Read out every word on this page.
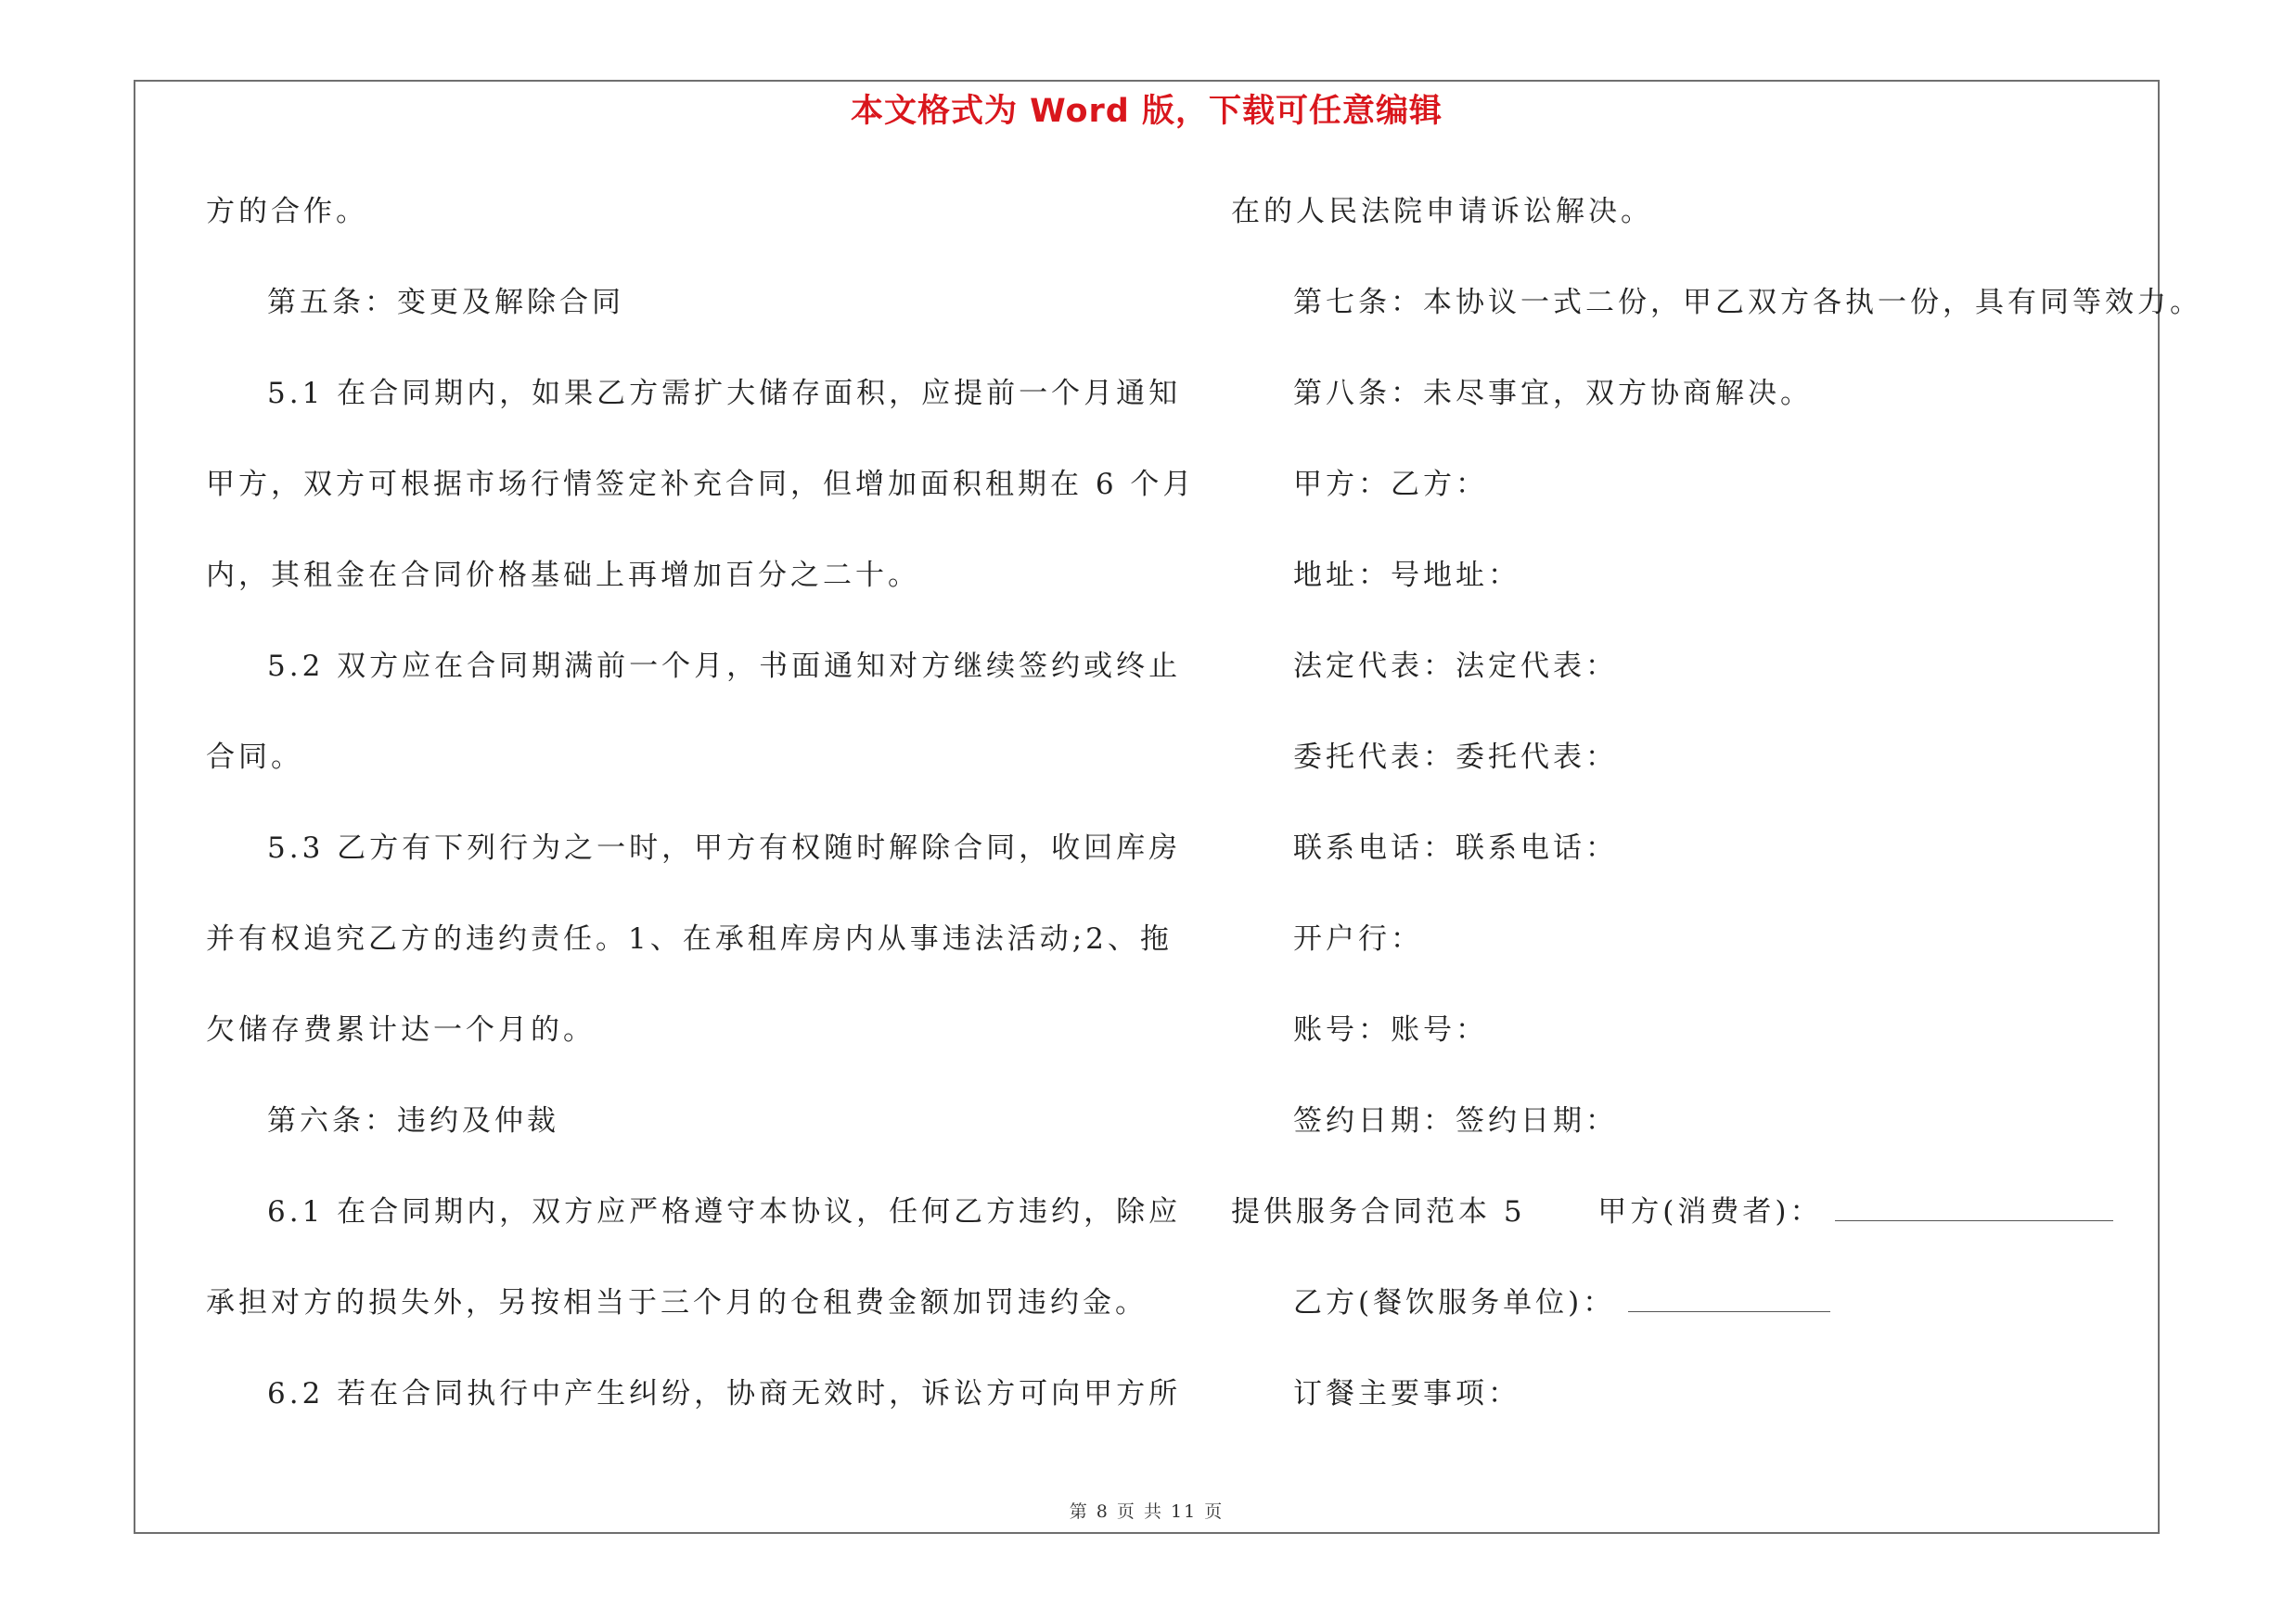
本文格式为 Word 版，下载可任意编辑
方的合作。
第五条：变更及解除合同
5.1 在合同期内，如果乙方需扩大储存面积，应提前一个月通知
甲方，双方可根据市场行情签定补充合同，但增加面积租期在 6 个月
内，其租金在合同价格基础上再增加百分之二十。
5.2 双方应在合同期满前一个月，书面通知对方继续签约或终止
合同。
5.3 乙方有下列行为之一时，甲方有权随时解除合同，收回库房
并有权追究乙方的违约责任。1、在承租库房内从事违法活动;2、拖
欠储存费累计达一个月的。
第六条：违约及仲裁
6.1 在合同期内，双方应严格遵守本协议，任何乙方违约，除应
承担对方的损失外，另按相当于三个月的仓租费金额加罚违约金。
6.2 若在合同执行中产生纠纷，协商无效时，诉讼方可向甲方所
在的人民法院申请诉讼解决。
第七条：本协议一式二份，甲乙双方各执一份，具有同等效力。
第八条：未尽事宜，双方协商解决。
甲方：乙方：
地址：号地址：
法定代表：法定代表：
委托代表：委托代表：
联系电话：联系电话：
开户行：
账号：账号：
签约日期：签约日期：
提供服务合同范本 5	甲方(消费者)：
乙方(餐饮服务单位)：
订餐主要事项：
第 8 页 共 11 页
